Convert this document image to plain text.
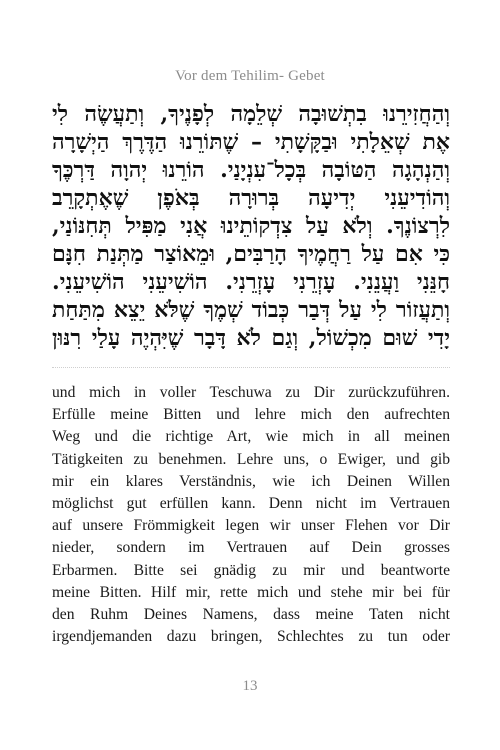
Vor dem Tehilim- Gebet
וְהַחֲזִירֵנוּ בִתְשׁוּבָה שְׁלֵמָה לְפָנֶיךָ, וְתַעֲשֶׂה לִי
אֶת שְׁאֵלָתִי וּבַקָּשָׁתִי – שֶׁתּוֹרֵנוּ הַדֶּרֶךְ הַיְשָׁרָה
וְהַנְהָגָה הַטּוֹבָה בְּכָל־עִנְיָנַי. הוֹרֵנוּ יְהוָה דַּרְכֶּךָ
וְהוֹדִיעֵנִי יְדִיעָה בְּרוּרָה בְּאֹפֶן שֶׁאֶתְקָרֵב
לִרְצוֹנֶךָ. וְלֹא עַל צִדְקוֹתֵינוּ אֲנִי מַפִּיל תְּחִנּוֹנַי,
כִּי אִם עַל רַחֲמֶיךָ הָרַבִּים, וּמֵאוֹצַר מַתְּנַת חִנָּם
חָנֵּנִי וַעֲנֵנִי. עָזְרֵנִי עָזְרֵנִי. הוֹשִׁיעֵנִי הוֹשִׁיעֵנִי.
וְתַעֲזוֹר לִי עַל דְּבַר כְּבוֹד שְׁמֶךָ שֶׁלֹּא יֵצֵא מִתַּחַת
יָדִי שׁוּם מִכְשׁוֹל, וְגַם לֹא דָּבָר שֶׁיִּהְיֶה עָלַי רִנּוּן
und mich in voller Teschuwa zu Dir zurückzuführen.
Erfülle meine Bitten und lehre mich den aufrechten
Weg und die richtige Art, wie mich in all meinen
Tätigkeiten zu benehmen. Lehre uns, o Ewiger, und gib
mir ein klares Verständnis, wie ich Deinen Willen
möglichst gut erfüllen kann. Denn nicht im Vertrauen
auf unsere Frömmigkeit legen wir unser Flehen vor Dir
nieder, sondern im Vertrauen auf Dein grosses
Erbarmen. Bitte sei gnädig zu mir und beantworte
meine Bitten. Hilf mir, rette mich und stehe mir bei für
den Ruhm Deines Namens, dass meine Taten nicht
irgendjemanden dazu bringen, Schlechtes zu tun oder
13
